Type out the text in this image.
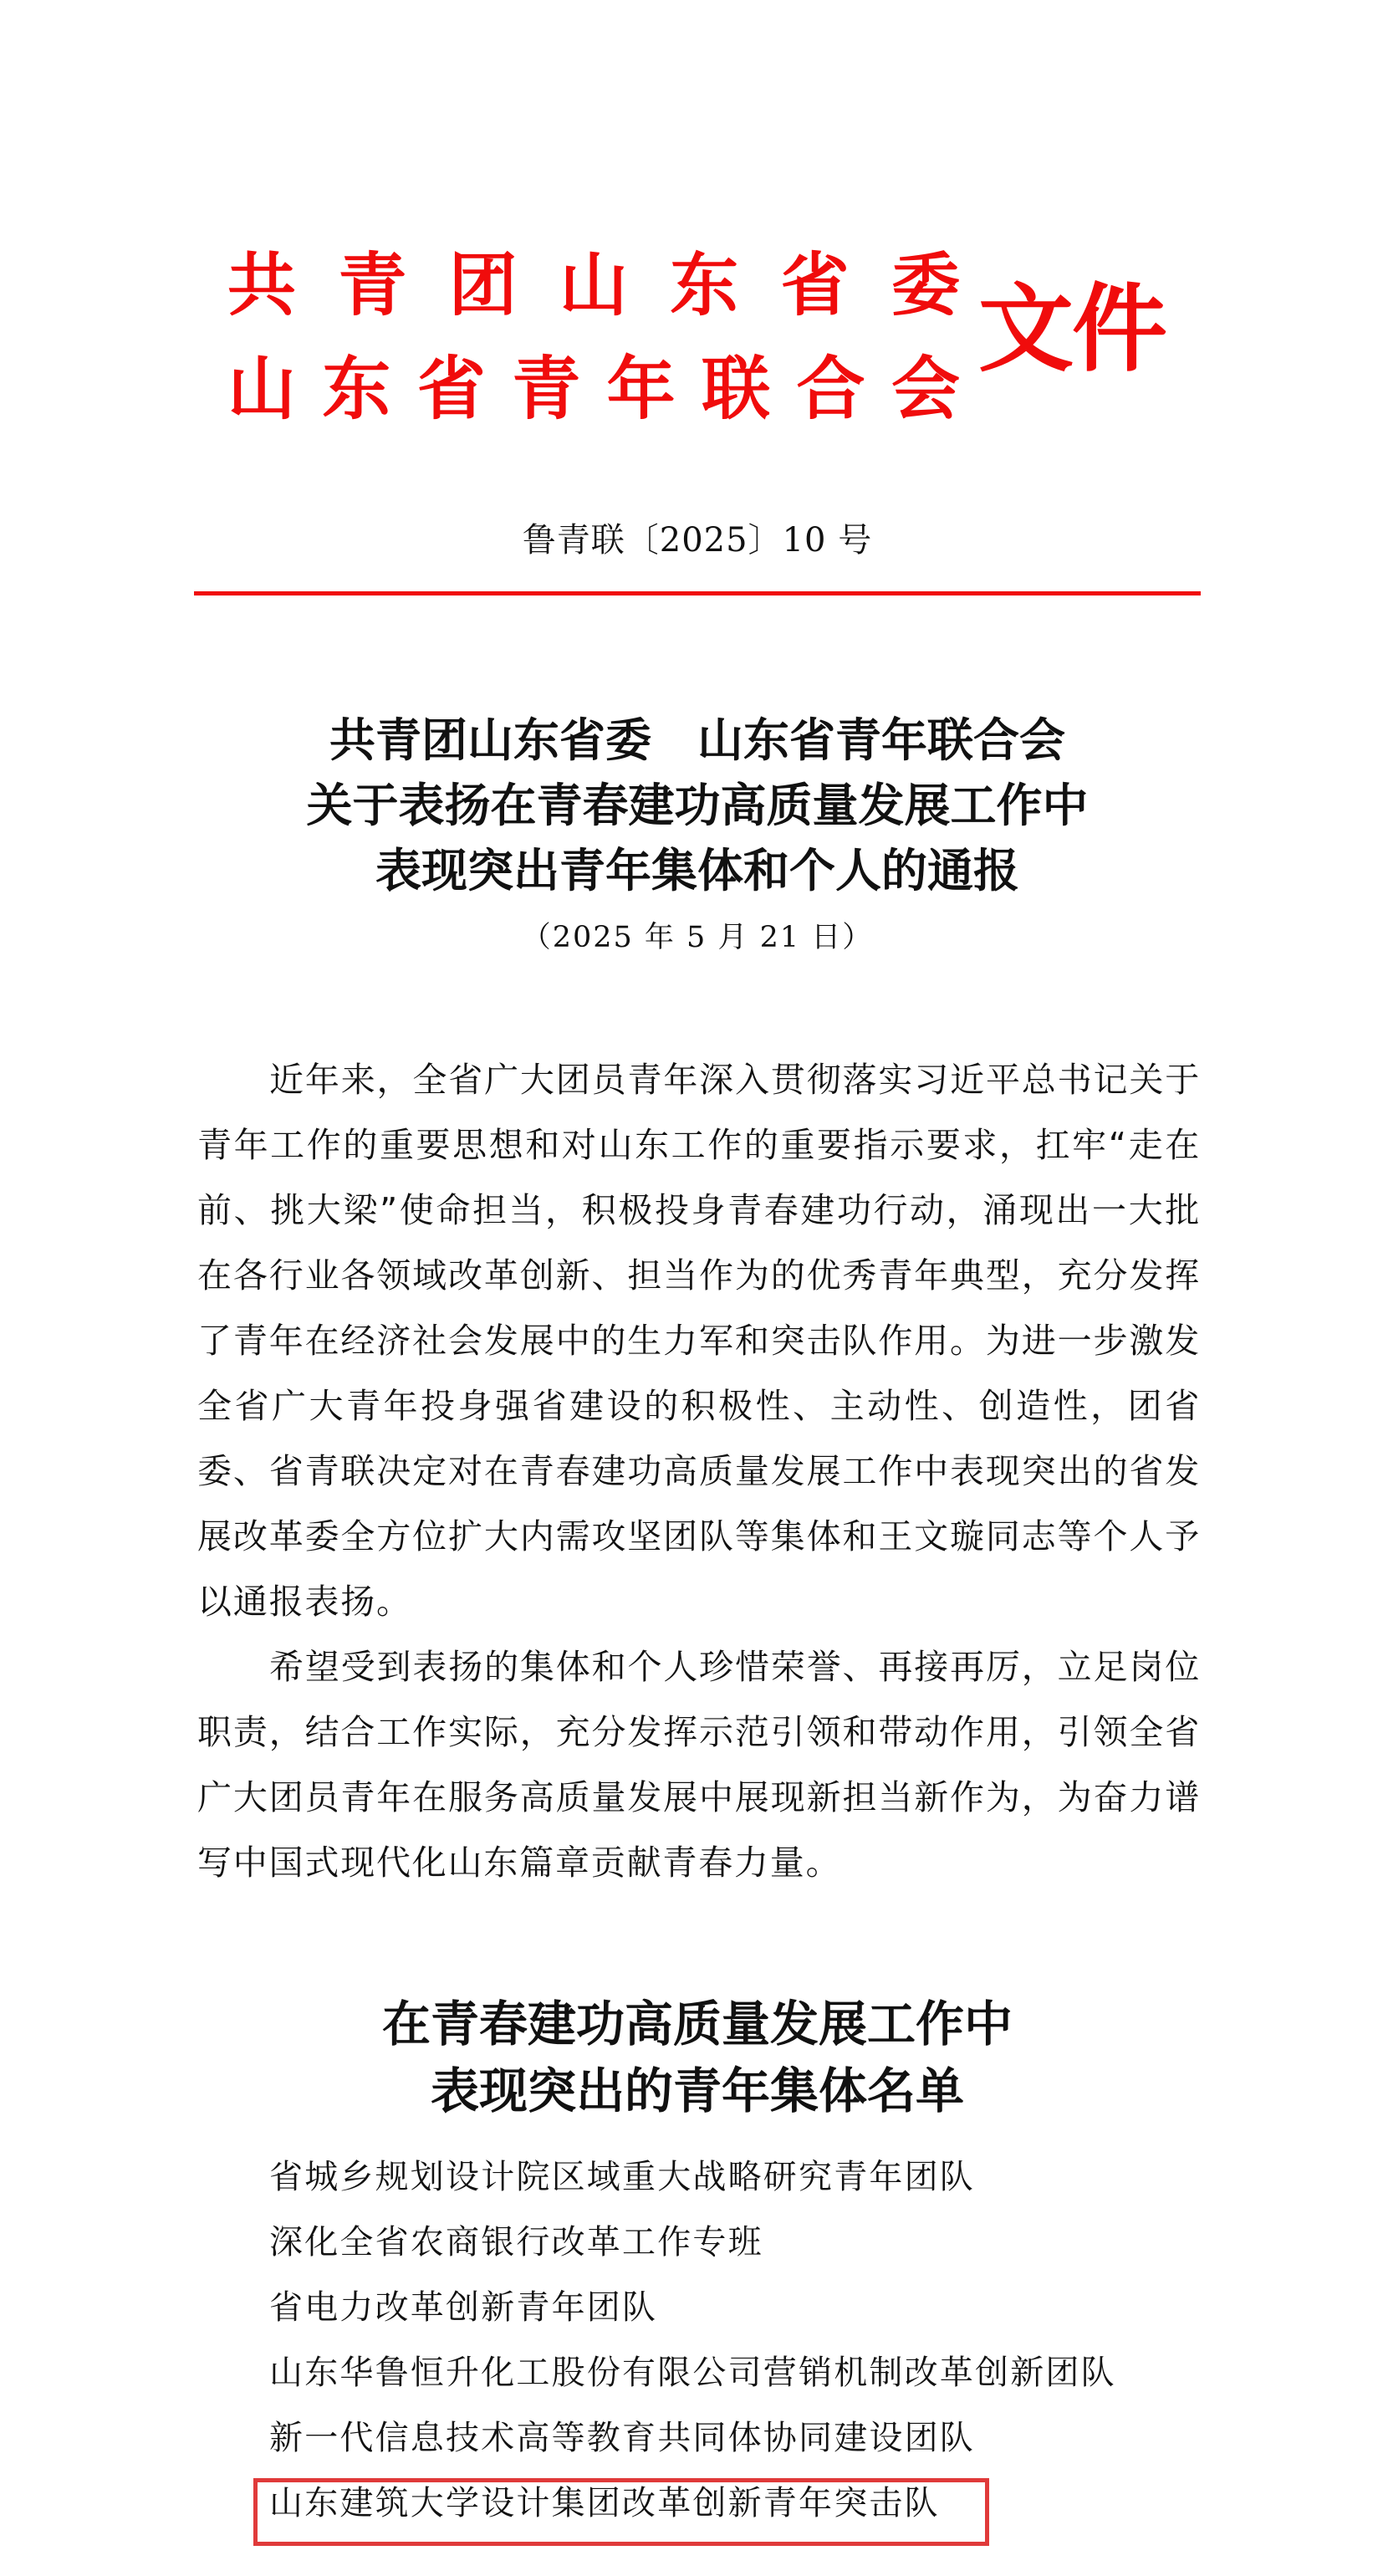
共 青 团 山 东 省 委
山 东 省 青 年 联 合 会
文件
鲁青联〔2025〕10 号
共青团山东省委　山东省青年联合会
关于表扬在青春建功高质量发展工作中
表现突出青年集体和个人的通报
（2025 年 5 月 21 日）

近年来，全省广大团员青年深入贯彻落实习近平总书记关于青年工作的重要思想和对山东工作的重要指示要求，扛牢“走在前、挑大梁”使命担当，积极投身青春建功行动，涌现出一大批在各行业各领域改革创新、担当作为的优秀青年典型，充分发挥了青年在经济社会发展中的生力军和突击队作用。为进一步激发全省广大青年投身强省建设的积极性、主动性、创造性，团省委、省青联决定对在青春建功高质量发展工作中表现突出的省发展改革委全方位扩大内需攻坚团队等集体和王文璇同志等个人予以通报表扬。

希望受到表扬的集体和个人珍惜荣誉、再接再厉，立足岗位职责，结合工作实际，充分发挥示范引领和带动作用，引领全省广大团员青年在服务高质量发展中展现新担当新作为，为奋力谱写中国式现代化山东篇章贡献青春力量。

在青春建功高质量发展工作中
表现突出的青年集体名单
省城乡规划设计院区域重大战略研究青年团队
深化全省农商银行改革工作专班
省电力改革创新青年团队
山东华鲁恒升化工股份有限公司营销机制改革创新团队
新一代信息技术高等教育共同体协同建设团队
山东建筑大学设计集团改革创新青年突击队
